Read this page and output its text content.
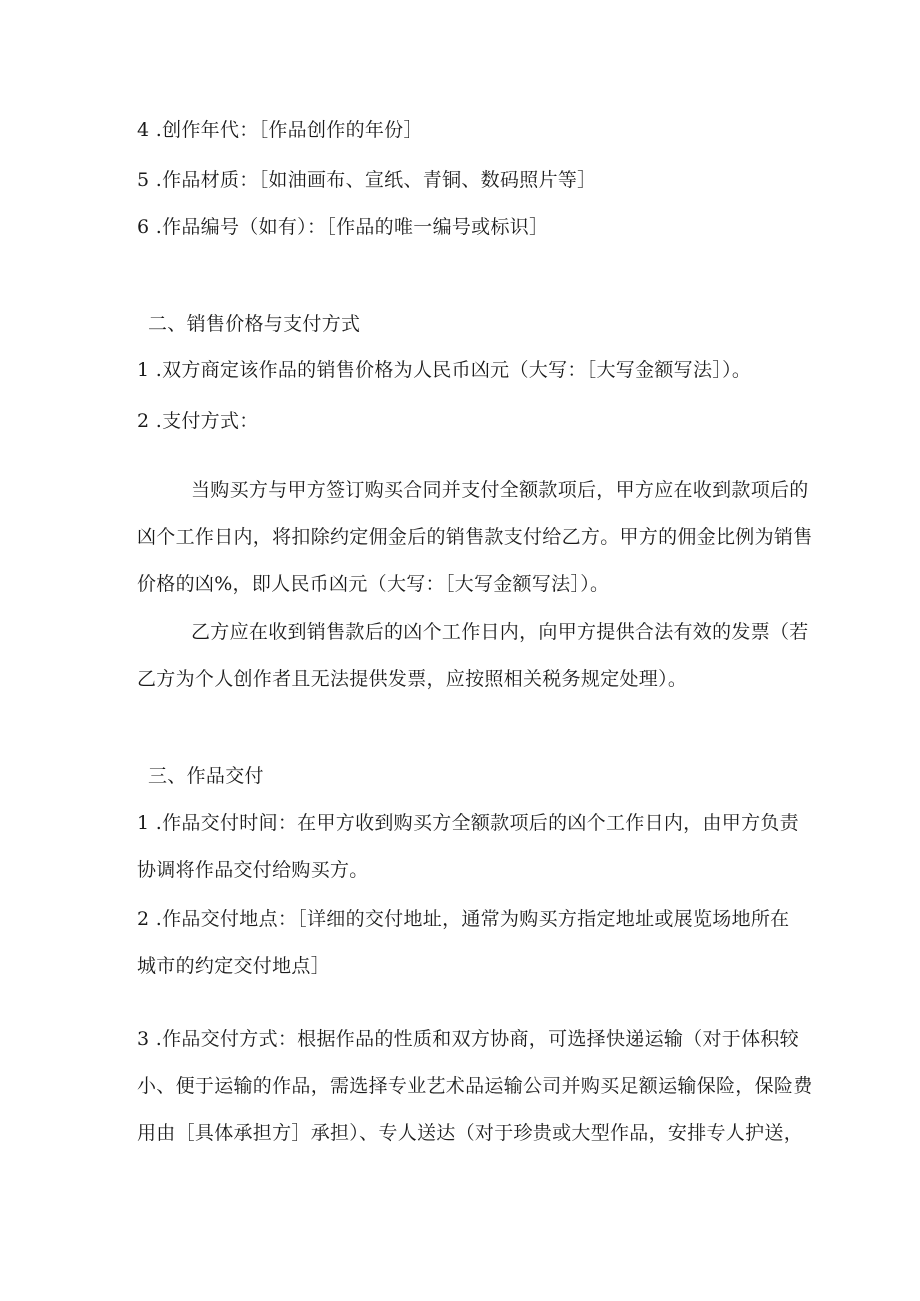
4 .创作年代：［作品创作的年份］
5 .作品材质：［如油画布、宣纸、青铜、数码照片等］
6 .作品编号（如有）：［作品的唯一编号或标识］
二、销售价格与支付方式
1 .双方商定该作品的销售价格为人民币凶元（大写：［大写金额写法］）。
2 .支付方式：
当购买方与甲方签订购买合同并支付全额款项后，甲方应在收到款项后的
凶个工作日内，将扣除约定佣金后的销售款支付给乙方。甲方的佣金比例为销售
价格的凶%，即人民币凶元（大写：［大写金额写法］）。
乙方应在收到销售款后的凶个工作日内，向甲方提供合法有效的发票（若
乙方为个人创作者且无法提供发票，应按照相关税务规定处理）。
三、作品交付
1 .作品交付时间：在甲方收到购买方全额款项后的凶个工作日内，由甲方负责
协调将作品交付给购买方。
2 .作品交付地点：［详细的交付地址，通常为购买方指定地址或展览场地所在
城市的约定交付地点］
3 .作品交付方式：根据作品的性质和双方协商，可选择快递运输（对于体积较
小、便于运输的作品，需选择专业艺术品运输公司并购买足额运输保险，保险费
用由［具体承担方］承担）、专人送达（对于珍贵或大型作品，安排专人护送，
